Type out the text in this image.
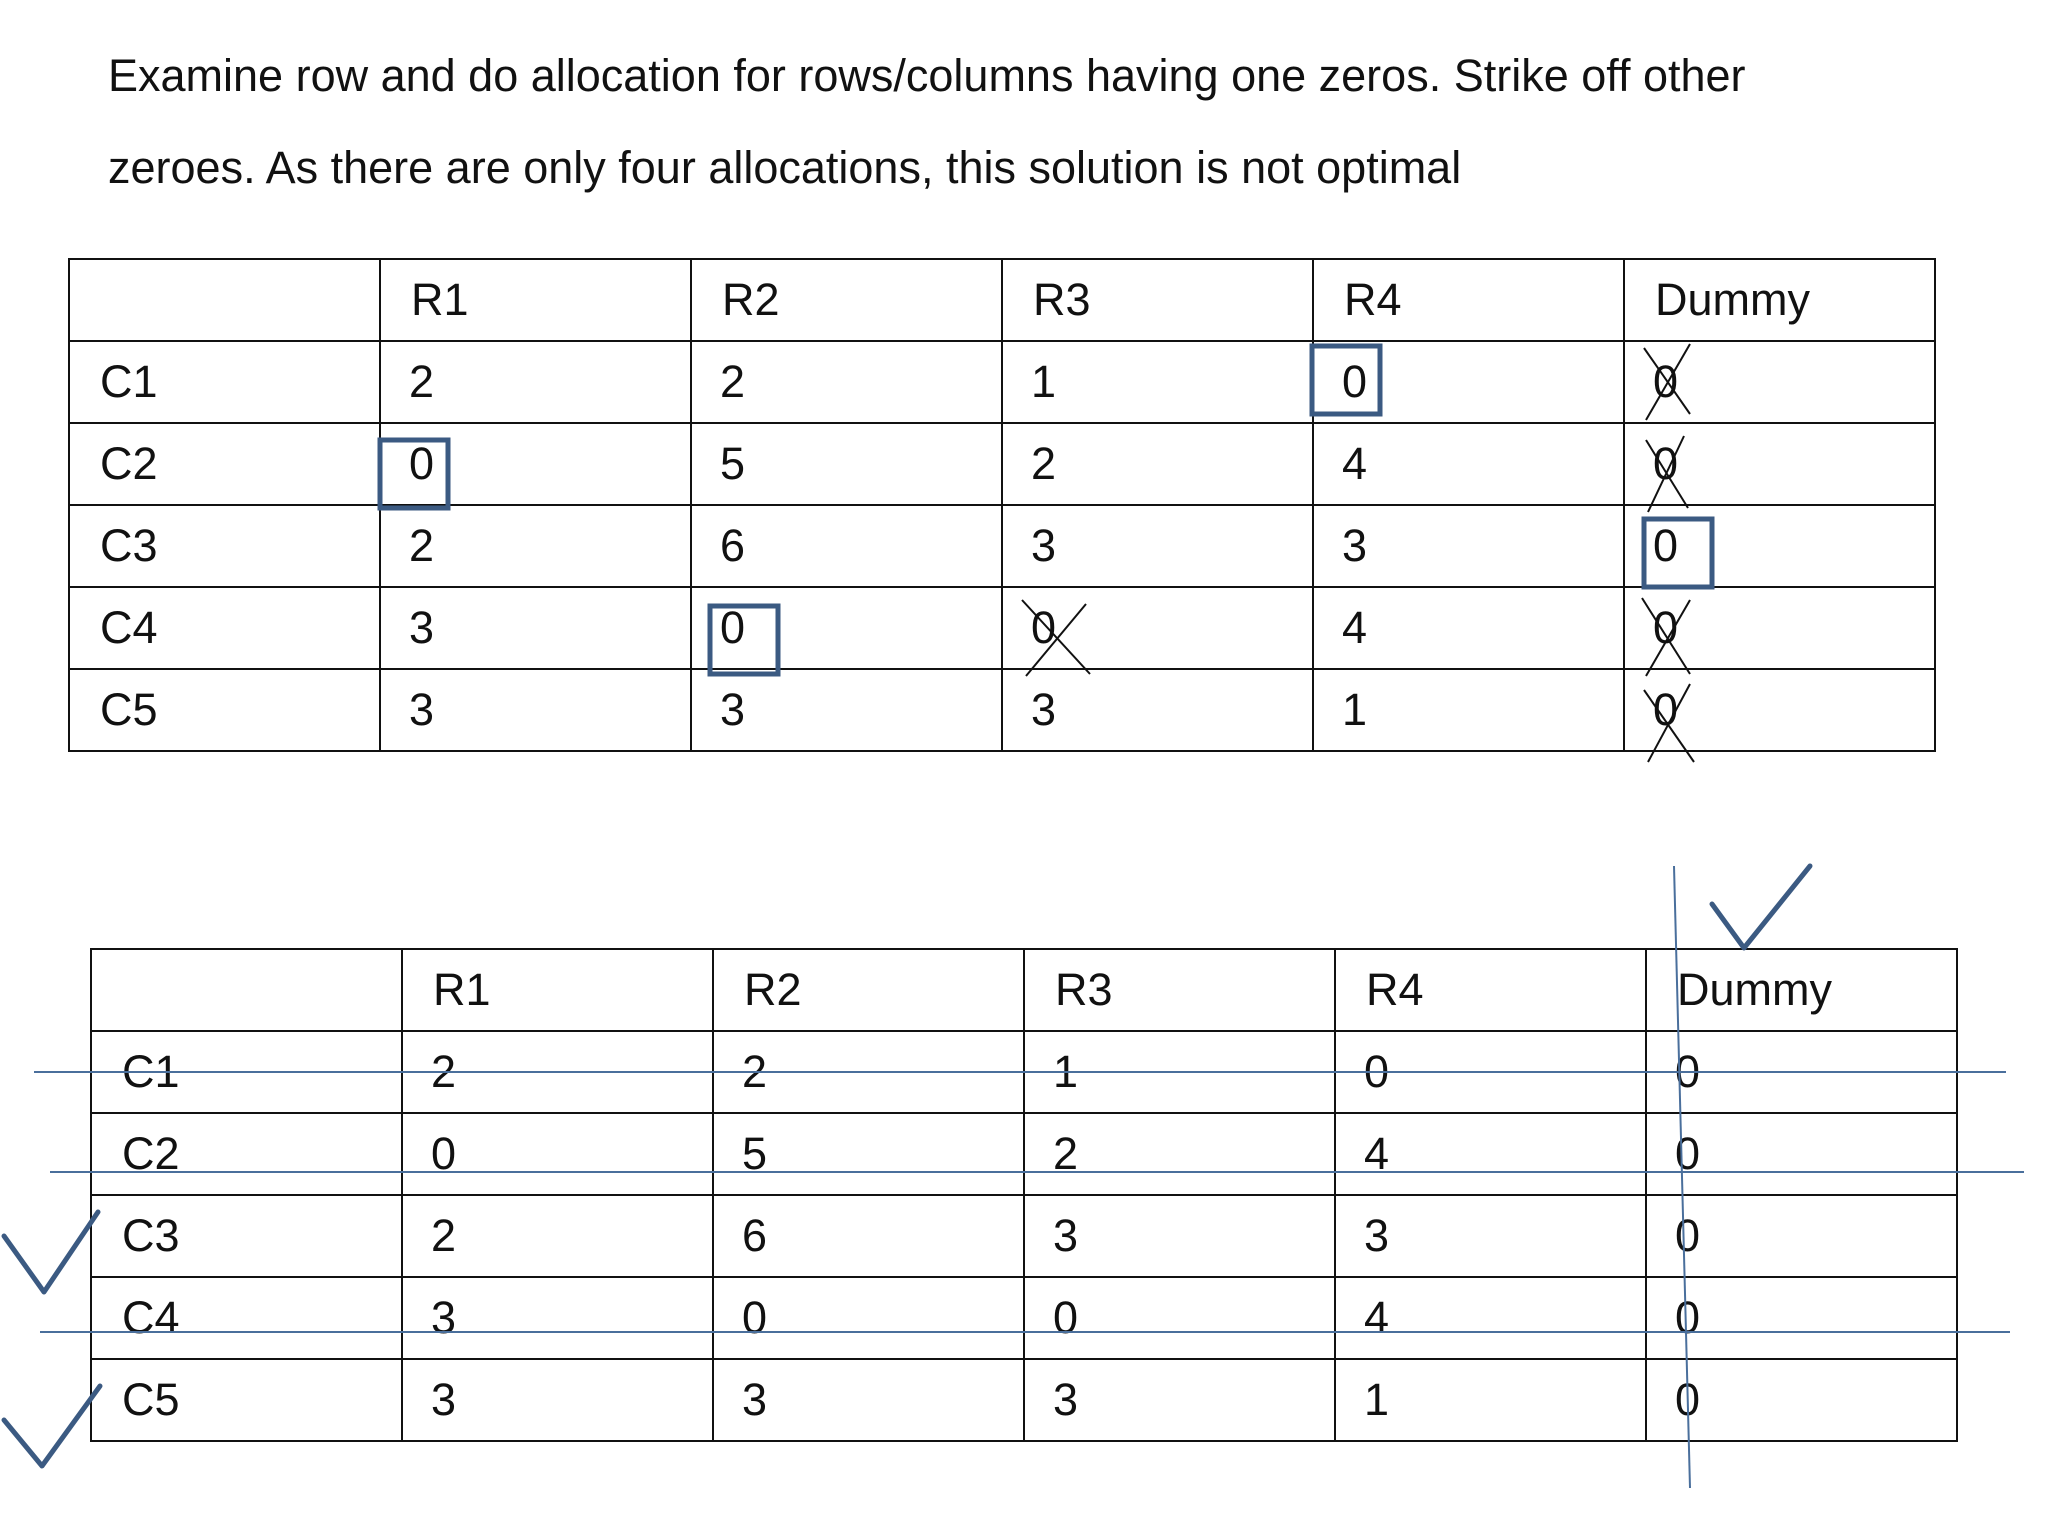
Examine row and do allocation for rows/columns having one zeros. Strike off other
zeroes. As there are only four allocations, this solution is not optimal

	R1	R2	R3	R4	Dummy
C1	2	2	1	0	0
C2	0	5	2	4	0
C3	2	6	3	3	0
C4	3	0	0	4	0
C5	3	3	3	1	0
	R1	R2	R3	R4	Dummy
C1	2	2	1	0	0
C2	0	5	2	4	0
C3	2	6	3	3	0
C4	3	0	0	4	0
C5	3	3	3	1	0
